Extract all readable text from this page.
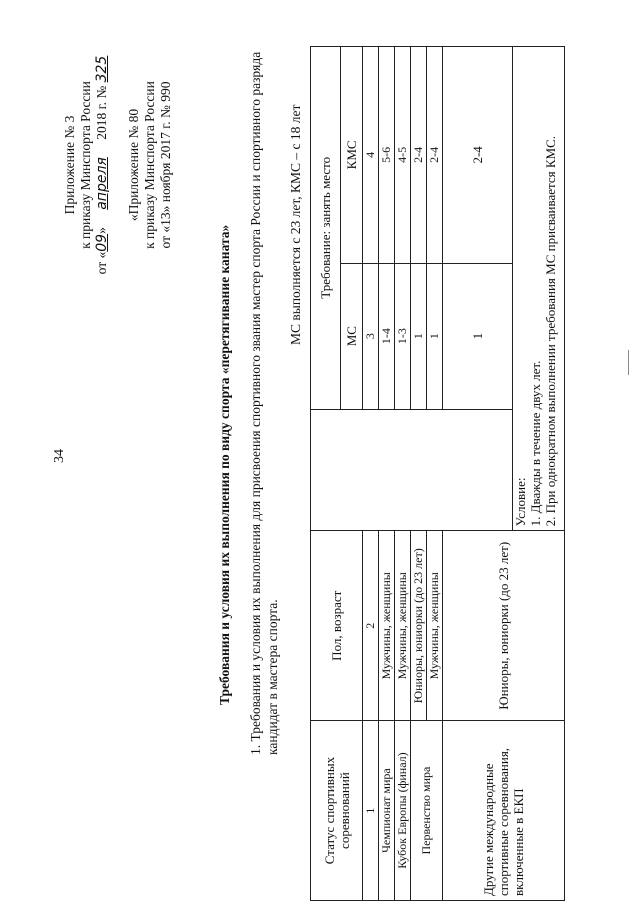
34
Приложение № 3 к приказу Минспорта России
от «09» апреля 2018 г. № 325
«Приложение № 80 к приказу Минспорта России от «13» ноября 2017 г. № 990
Требования и условия их выполнения по виду спорта «перетягивание каната» 1. Требования и условия их выполнения для присвоения спортивного звания мастер спорта России и спортивного разряда кандидат в мастера спорта.
МС выполняется с 23 лет, КМС – с 18 лет
Статус спортивных соревнований	Пол, возраст		Требование: занять место	
			МС	КМС
1	2		3	4
Чемпионат мира	Мужчины, женщины		1-4	5-6
Кубок Европы (финал)	Мужчины, женщины		1-3	4-5
Первенство мира	Юниоры, юниорки (до 23 лет)		1	2-4
	Мужчины, женщины		1	2-4
Другие международные спортивные соревнования, включенные в ЕКП	Юниоры, юниорки (до 23 лет)		1	2-4

		Условие: 1. Дважды в течение двух лет. 2. При однократном выполнении требования МС присваивается КМС.		
